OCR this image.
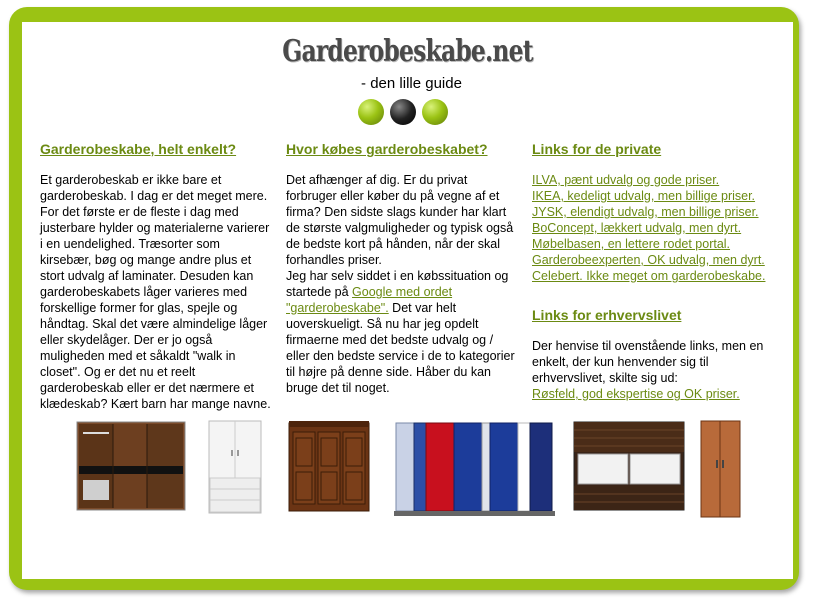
Garderobeskabe.net
- den lille guide
Garderobeskabe, helt enkelt?

Et garderobeskab er ikke bare et garderobeskab. I dag er det meget mere. For det første er de fleste i dag med justerbare hylder og materialerne varierer i en uendelighed. Træsorter som kirsebær, bøg og mange andre plus et stort udvalg af laminater. Desuden kan garderobeskabets låger varieres med forskellige former for glas, spejle og håndtag. Skal det være almindelige låger eller skydelåger. Der er jo også muligheden med et såkaldt "walk in closet". Og er det nu et reelt garderobeskab eller er det nærmere et klædeskab? Kært barn har mange navne.

Hvor købes garderobeskabet?

Det afhænger af dig. Er du privat forbruger eller køber du på vegne af et firma? Den sidste slags kunder har klart de største valgmuligheder og typisk også de bedste kort på hånden, når der skal forhandles priser.

Jeg har selv siddet i en købssituation og startede på Google med ordet "garderobeskabe". Det var helt uoverskueligt. Så nu har jeg opdelt firmaerne med det bedste udvalg og / eller den bedste service i de to kategorier til højre på denne side. Håber du kan bruge det til noget.

Links for de private
ILVA, pænt udvalg og gode priser.
IKEA, kedeligt udvalg, men billige priser.
JYSK, elendigt udvalg, men billige priser.
BoConcept, lækkert udvalg, men dyrt.
Møbelbasen, en lettere rodet portal.
Garderobeexperten, OK udvalg, men dyrt.
Celebert. Ikke meget om garderobeskabe.
Links for erhvervslivet

Der henvise til ovenstående links, men en enkelt, der kun henvender sig til erhvervslivet, skilte sig ud:

Røsfeld, god ekspertise og OK priser.
